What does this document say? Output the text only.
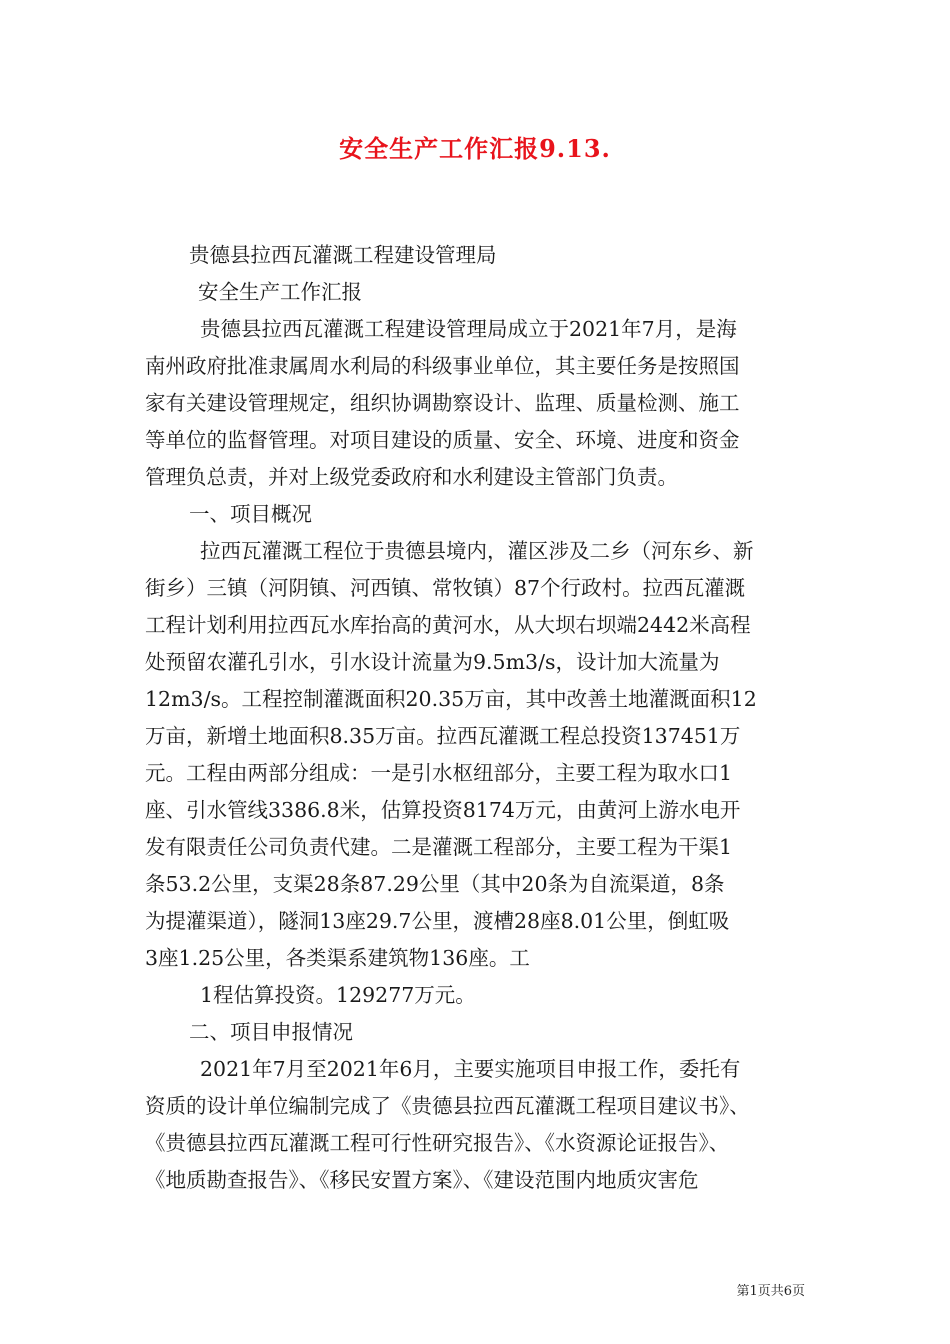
安全生产工作汇报9.13.
贵德县拉西瓦灌溉工程建设管理局
安全生产工作汇报
贵德县拉西瓦灌溉工程建设管理局成立于2021年7月，是海
南州政府批准隶属周水利局的科级事业单位，其主要任务是按照国
家有关建设管理规定，组织协调勘察设计、监理、质量检测、施工
等单位的监督管理。对项目建设的质量、安全、环境、进度和资金
管理负总责，并对上级党委政府和水利建设主管部门负责。
一、项目概况
拉西瓦灌溉工程位于贵德县境内，灌区涉及二乡（河东乡、新
街乡）三镇（河阴镇、河西镇、常牧镇）87个行政村。拉西瓦灌溉
工程计划利用拉西瓦水库抬高的黄河水，从大坝右坝端2442米高程
处预留农灌孔引水，引水设计流量为9.5m3/s，设计加大流量为
12m3/s。工程控制灌溉面积20.35万亩，其中改善土地灌溉面积12
万亩，新增土地面积8.35万亩。拉西瓦灌溉工程总投资137451万
元。工程由两部分组成：一是引水枢纽部分，主要工程为取水口1
座、引水管线3386.8米，估算投资8174万元，由黄河上游水电开
发有限责任公司负责代建。二是灌溉工程部分，主要工程为干渠1
条53.2公里，支渠28条87.29公里（其中20条为自流渠道，8条
为提灌渠道），隧洞13座29.7公里，渡槽28座8.01公里，倒虹吸
3座1.25公里，各类渠系建筑物136座。工
1程估算投资。129277万元。
二、项目申报情况
2021年7月至2021年6月，主要实施项目申报工作，委托有
资质的设计单位编制完成了《贵德县拉西瓦灌溉工程项目建议书》、
《贵德县拉西瓦灌溉工程可行性研究报告》、《水资源论证报告》、
《地质勘查报告》、《移民安置方案》、《建设范围内地质灾害危
第1页共6页
